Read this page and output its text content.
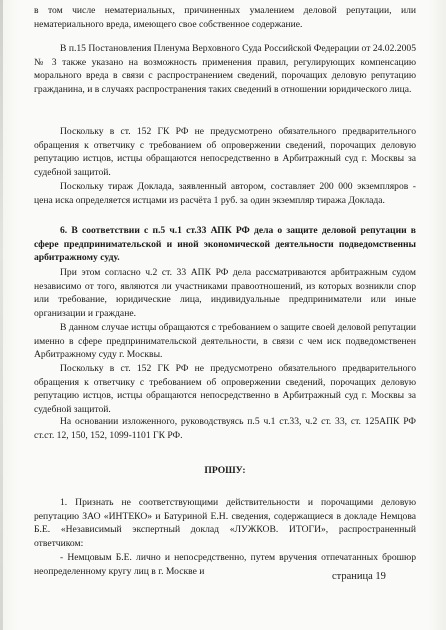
в том числе нематериальных, причиненных умалением деловой репутации, или нематериального вреда, имеющего свое собственное содержание.

В п.15 Постановления Пленума Верховного Суда Российской Федерации от 24.02.2005 № 3 также указано на возможность применения правил, регулирующих компенсацию морального вреда в связи с распространением сведений, порочащих деловую репутацию гражданина, и в случаях распространения таких сведений в отношении юридического лица.

Поскольку в ст. 152 ГК РФ не предусмотрено обязательного предварительного обращения к ответчику с требованием об опровержении сведений, порочащих деловую репутацию истцов, истцы обращаются непосредственно в Арбитражный суд г. Москвы за судебной защитой.

Поскольку тираж Доклада, заявленный автором, составляет 200 000 экземпляров - цена иска определяется истцами из расчёта 1 руб. за один экземпляр тиража Доклада.

6. В соответствии с п.5 ч.1 ст.33 АПК РФ дела о защите деловой репутации в сфере предпринимательской и иной экономической деятельности подведомственны арбитражному суду.

При этом согласно ч.2 ст. 33 АПК РФ дела рассматриваются арбитражным судом независимо от того, являются ли участниками правоотношений, из которых возникли спор или требование, юридические лица, индивидуальные предприниматели или иные организации и граждане.

В данном случае истцы обращаются с требованием о защите своей деловой репутации именно в сфере предпринимательской деятельности, в связи с чем иск подведомственен Арбитражному суду г. Москвы.

Поскольку в ст. 152 ГК РФ не предусмотрено обязательного предварительного обращения к ответчику с требованием об опровержении сведений, порочащих деловую репутацию истцов, истцы обращаются непосредственно в Арбитражный суд г. Москвы за судебной защитой.

На основании изложенного, руководствуясь п.5 ч.1 ст.33, ч.2 ст. 33, ст. 125АПК РФ ст.ст. 12, 150, 152, 1099-1101 ГК РФ.

ПРОШУ:

1. Признать не соответствующими действительности и порочащими деловую репутацию ЗАО «ИНТЕКО» и Батуриной Е.Н. сведения, содержащиеся в докладе Немцова Б.Е. «Независимый экспертный доклад «ЛУЖКОВ. ИТОГИ», распространенный ответчиком:

- Немцовым Б.Е. лично и непосредственно, путем вручения отпечатанных брошюр неопределенному кругу лиц в г. Москве и	страница 19
